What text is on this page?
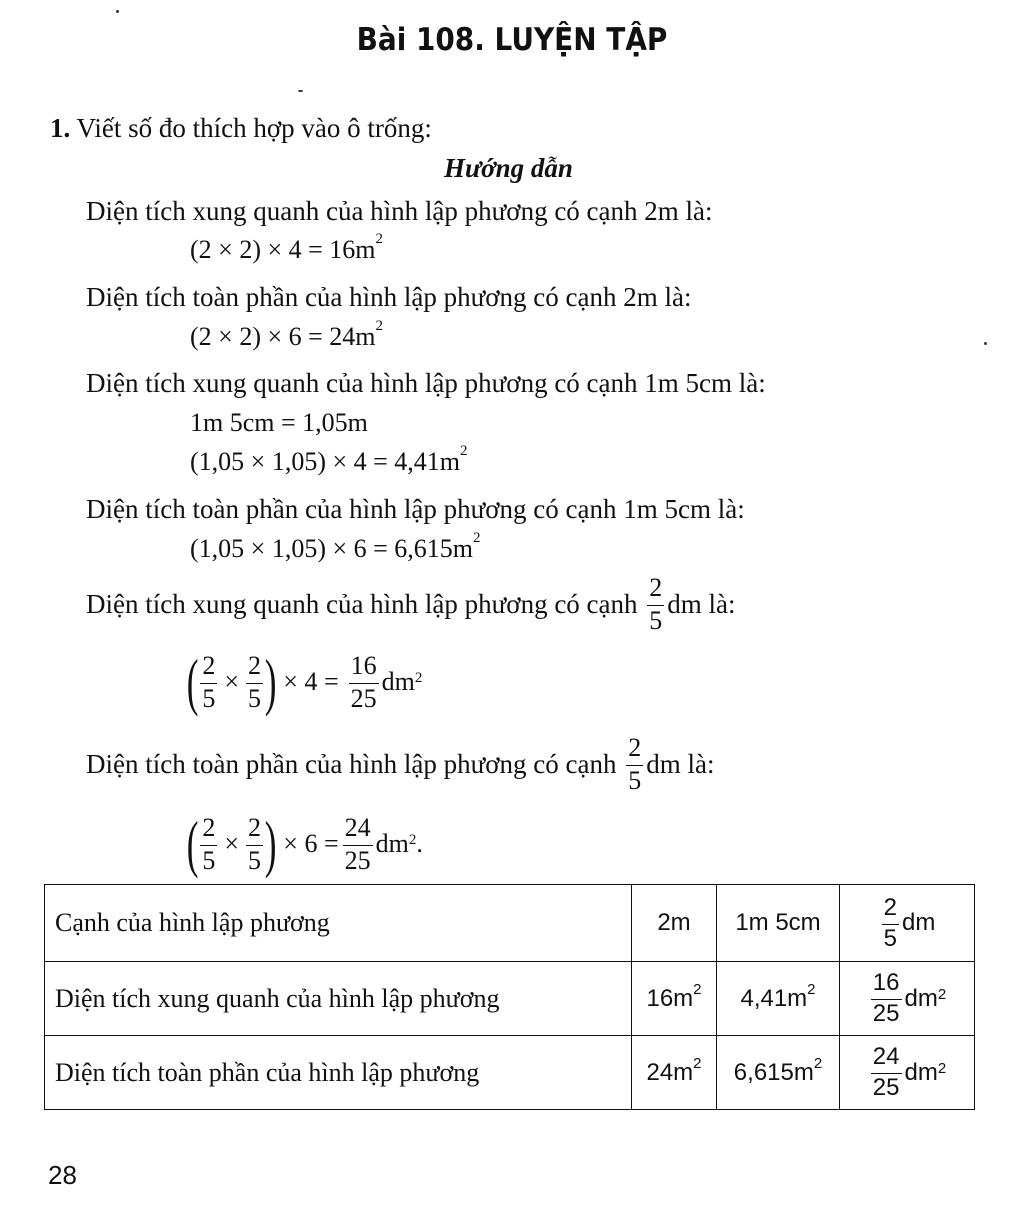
Bài 108. LUYỆN TẬP
1. Viết số đo thích hợp vào ô trống:
Hướng dẫn
Diện tích xung quanh của hình lập phương có cạnh 2m là:
$(2 \times 2) \times 4 = 16m^2$
Diện tích toàn phần của hình lập phương có cạnh 2m là:
$(2 \times 2) \times 6 = 24m^2$
Diện tích xung quanh của hình lập phương có cạnh 1m 5cm là:
1m 5cm = 1,05m
$(1,05 \times 1,05) \times 4 = 4,41m^2$
Diện tích toàn phần của hình lập phương có cạnh 1m 5cm là:
$(1,05 \times 1,05) \times 6 = 6,615m^2$
Diện tích xung quanh của hình lập phương có cạnh
$\frac{2}{5}$ dm
là:
( $\frac{2}{5} \times \frac{2}{5}$ ) × $4 = \frac{16}{25} dm^2$
Diện tích toàn phần của hình lập phương có cạnh
$\frac{2}{5}$ dm
là:
( $\frac{2}{5} \times \frac{2}{5}$ ) × $6 = \frac{24}{25} dm^2$ .
Cạnh của hình lập phương	2m	1m 5cm	$\frac{2}{5}$ dm

Diện tích xung quanh của hình lập phương	$16m^2$	$4,41m^2$	$\frac{16}{25} dm^2$

Diện tích toàn phần của hình lập phương	$24m^2$	$6,615m^2$	$\frac{24}{25} dm^2$
28
